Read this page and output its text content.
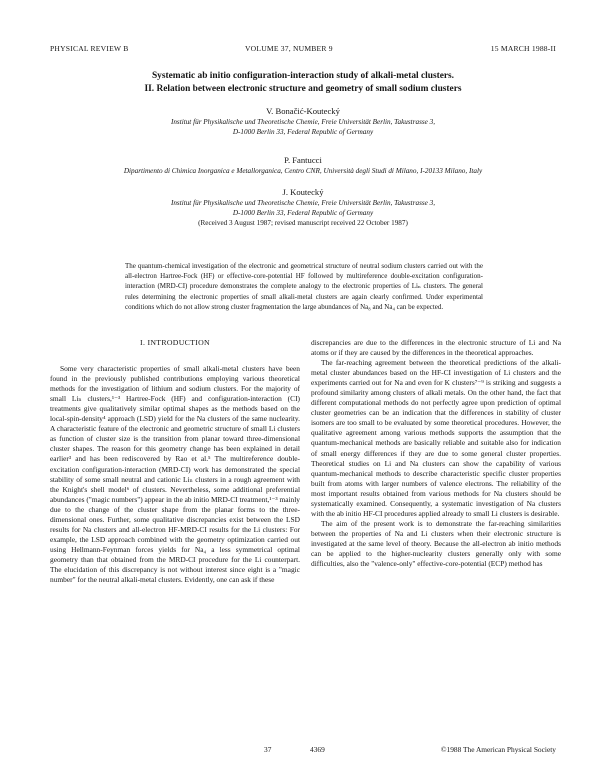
PHYSICAL REVIEW B	VOLUME 37, NUMBER 9	15 MARCH 1988-II
Systematic ab initio configuration-interaction study of alkali-metal clusters.
II. Relation between electronic structure and geometry of small sodium clusters
V. Bonačić-Koutecký
Institut für Physikalische und Theoretische Chemie, Freie Universität Berlin, Takustrasse 3,
D-1000 Berlin 33, Federal Republic of Germany
P. Fantucci
Dipartimento di Chimica Inorganica e Metallorganica, Centro CNR, Università degli Studi di Milano, I-20133 Milano, Italy
J. Koutecký
Institut für Physikalische und Theoretische Chemie, Freie Universität Berlin, Takustrasse 3,
D-1000 Berlin 33, Federal Republic of Germany
(Received 3 August 1987; revised manuscript received 22 October 1987)

The quantum-chemical investigation of the electronic and geometrical structure of neutral sodium clusters carried out with the all-electron Hartree-Fock (HF) or effective-core-potential HF followed by multireference double-excitation configuration-interaction (MRD-CI) procedure demonstrates the complete analogy to the electronic properties of Liₙ clusters. The general rules determining the electronic properties of small alkali-metal clusters are again clearly confirmed. Under experimental conditions which do not allow strong cluster fragmentation the large abundances of Na₈ and Na₄ can be expected.

I. INTRODUCTION

Some very characteristic properties of small alkali-metal clusters have been found in the previously published contributions employing various theoretical methods for the investigation of lithium and sodium clusters. For the majority of small Liₙ clusters,¹⁻³ Hartree-Fock (HF) and configuration-interaction (CI) treatments give qualitatively similar optimal shapes as the methods based on the local-spin-density⁴ approach (LSD) yield for the Na clusters of the same nuclearity. A characteristic feature of the electronic and geometric structure of small Li clusters as function of cluster size is the transition from planar toward three-dimensional cluster shapes. The reason for this geometry change has been explained in detail earlier³ and has been rediscovered by Rao et al.⁵ The multireference double-excitation configuration-interaction (MRD-CI) work has demonstrated the special stability of some small neutral and cationic Liₙ clusters in a rough agreement with the Knight's shell model⁶ of clusters. Nevertheless, some additional preferential abundances ("magic numbers") appear in the ab initio MRD-CI treatment,¹⁻³ mainly due to the change of the cluster shape from the planar forms to the three-dimensional ones. Further, some qualitative discrepancies exist between the LSD results for Na clusters and all-electron HF-MRD-CI results for the Li clusters: For example, the LSD approach combined with the geometry optimization carried out using Hellmann-Feynman forces yields for Na₄ a less symmetrical optimal geometry than that obtained from the MRD-CI procedure for the Li counterpart. The elucidation of this discrepancy is not without interest since eight is a "magic number" for the neutral alkali-metal clusters. Evidently, one can ask if these

discrepancies are due to the differences in the electronic structure of Li and Na atoms or if they are caused by the differences in the theoretical approaches.

The far-reaching agreement between the theoretical predictions of the alkali-metal cluster abundances based on the HF-CI investigation of Li clusters and the experiments carried out for Na and even for K clusters⁷⁻⁹ is striking and suggests a profound similarity among clusters of alkali metals. On the other hand, the fact that different computational methods do not perfectly agree upon prediction of optimal cluster geometries can be an indication that the differences in stability of cluster isomers are too small to be evaluated by some theoretical procedures. However, the qualitative agreement among various methods supports the assumption that the quantum-mechanical methods are basically reliable and suitable also for indication of small energy differences if they are due to some general cluster properties. Theoretical studies on Li and Na clusters can show the capability of various quantum-mechanical methods to describe characteristic specific cluster properties built from atoms with larger numbers of valence electrons. The reliability of the most important results obtained from various methods for Na clusters should be systematically examined. Consequently, a systematic investigation of Na clusters with the ab initio HF-CI procedures applied already to small Li clusters is desirable.

The aim of the present work is to demonstrate the far-reaching similarities between the properties of Na and Li clusters when their electronic structure is investigated at the same level of theory. Because the all-electron ab initio methods can be applied to the higher-nuclearity clusters generally only with some difficulties, also the "valence-only" effective-core-potential (ECP) method has

37	4369	©1988 The American Physical Society
